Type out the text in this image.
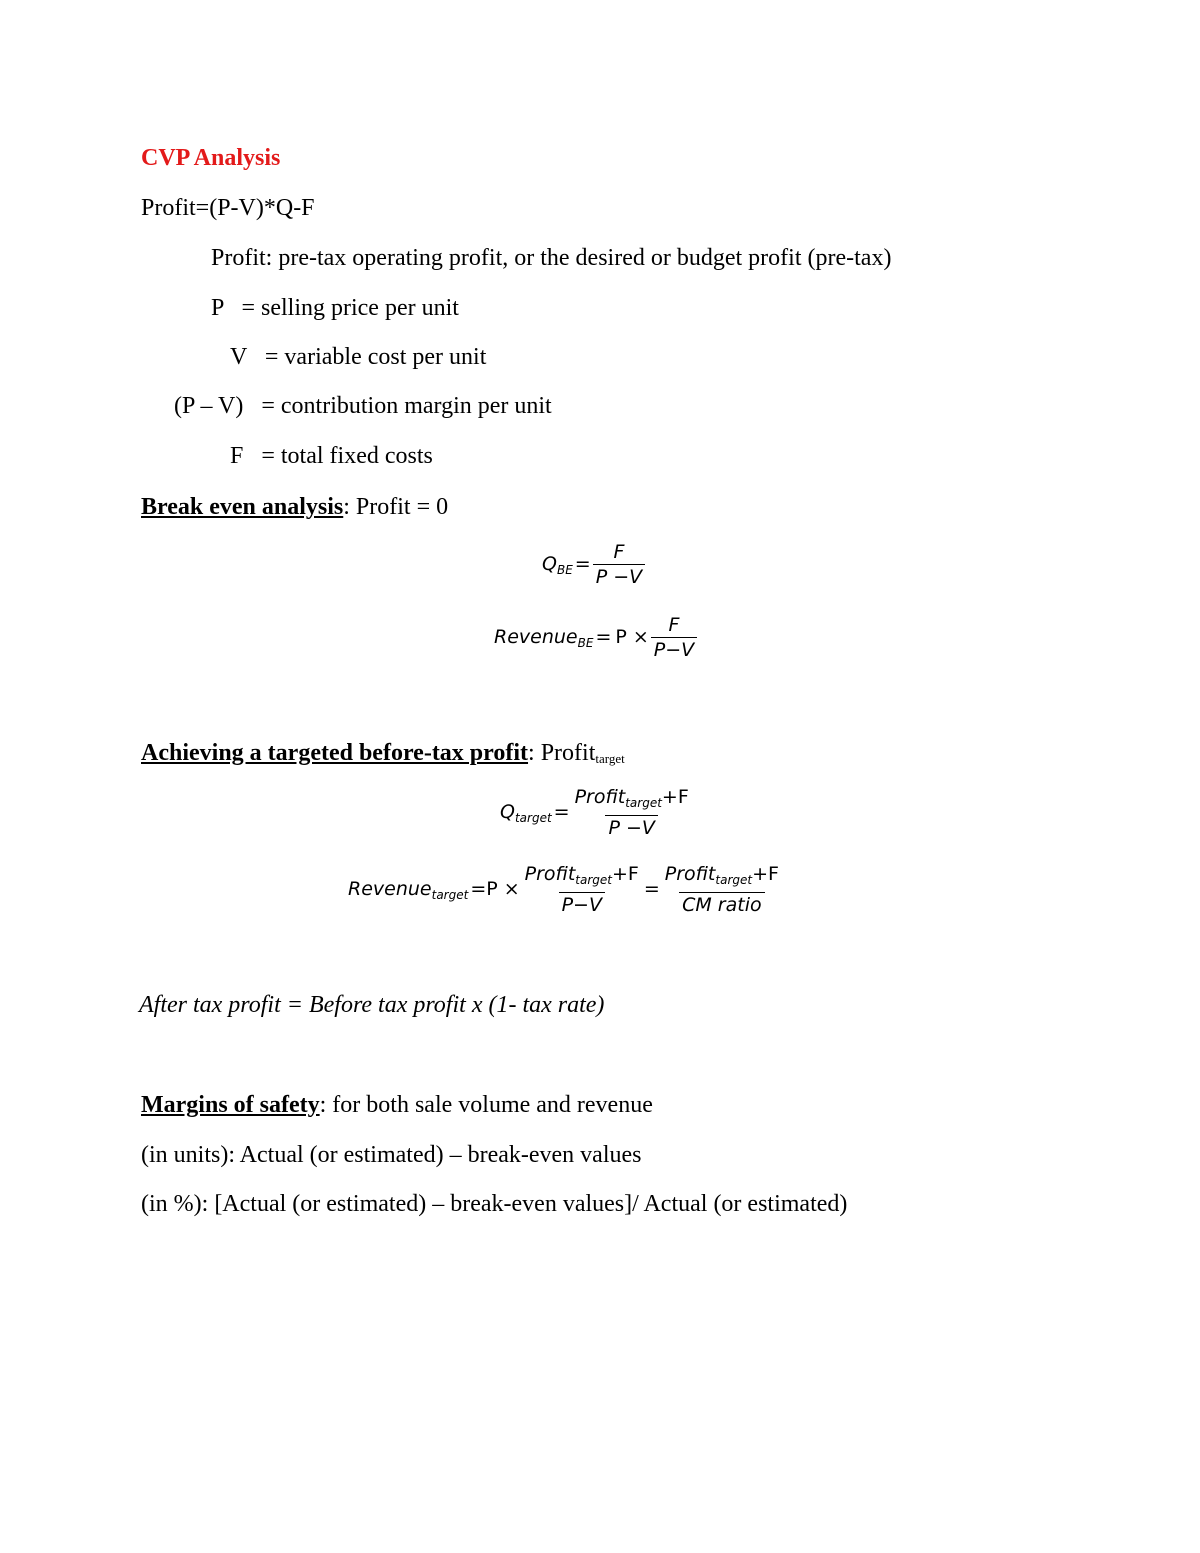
CVP Analysis
Profit=(P-V)*Q-F
Profit: pre-tax operating profit, or the desired or budget profit (pre-tax)
P   = selling price per unit
V   = variable cost per unit
(P – V)   = contribution margin per unit
F   = total fixed costs
Break even analysis: Profit = 0
$Q_{BE} = \frac{F}{P -V}$
Revenue$_{BE}$ = $P \times \frac{F}{P-V}$
Achieving a targeted before-tax profit: Profit$_{target}$
$Q_{target} = \frac{Profit_{target}+F}{P -V}$
Revenue$_{target}$ $=P \times \frac{Profit_{target}+F}{P-V} = \frac{Profit_{target}+F}{\text{CM ratio}}$
After tax profit = Before tax profit x (1- tax rate)
Margins of safety: for both sale volume and revenue
(in units): Actual (or estimated) – break-even values
(in %): [Actual (or estimated) – break-even values]/ Actual (or estimated)
